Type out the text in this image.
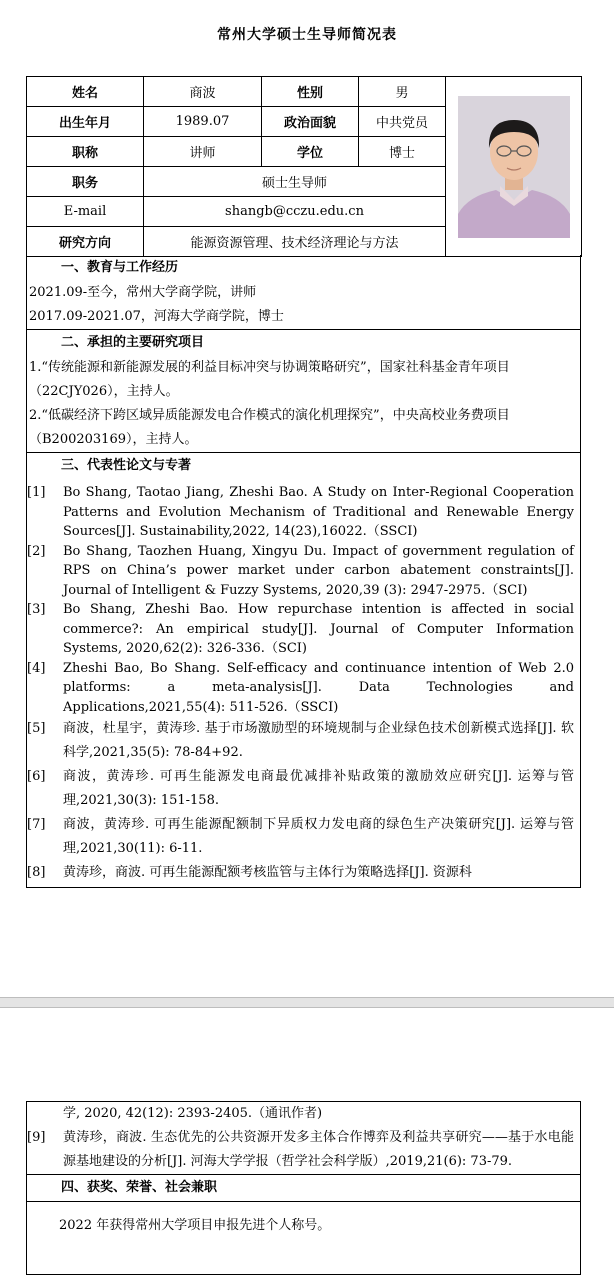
常州大学硕士生导师简况表
姓名	商波	性别	男	

出生年月	1989.07	政治面貌	中共党员	
职称	讲师	学位	博士	
职务	硕士生导师			
E-mail	shangb@cczu.edu.cn			
研究方向	能源资源管理、技术经济理论与方法			
一、教育与工作经历

2021.09-至今，常州大学商学院，讲师

2017.09-2021.07，河海大学商学院，博士

二、承担的主要研究项目

1.“传统能源和新能源发展的利益目标冲突与协调策略研究”，国家社科基金青年项目（22CJY026），主持人。

2.“低碳经济下跨区域异质能源发电合作模式的演化机理探究”，中央高校业务费项目（B200203169），主持人。

三、代表性论文与专著
[1]	Bo Shang, Taotao Jiang, Zheshi Bao. A Study on Inter-Regional Cooperation Patterns and Evolution Mechanism of Traditional and Renewable Energy Sources[J]. Sustainability,2022, 14(23),16022.（SSCI)
[2]	Bo Shang, Taozhen Huang, Xingyu Du. Impact of government regulation of RPS on China’s power market under carbon abatement constraints[J]. Journal of Intelligent & Fuzzy Systems, 2020,39 (3): 2947-2975.（SCI)
[3]	Bo Shang, Zheshi Bao. How repurchase intention is affected in social commerce?: An empirical study[J]. Journal of Computer Information Systems, 2020,62(2): 326-336.（SCI)
[4]	Zheshi Bao, Bo Shang. Self-efficacy and continuance intention of Web 2.0 platforms: a meta-analysis[J]. Data Technologies and Applications,2021,55(4): 511-526.（SSCI)
[5]	商波，杜星宇，黄涛珍. 基于市场激励型的环境规制与企业绿色技术创新模式选择[J]. 软科学,2021,35(5): 78-84+92.
[6]	商波，黄涛珍. 可再生能源发电商最优减排补贴政策的激励效应研究[J]. 运筹与管理,2021,30(3): 151-158.
[7]	商波，黄涛珍. 可再生能源配额制下异质权力发电商的绿色生产决策研究[J]. 运筹与管理,2021,30(11): 6-11.
[8]	黄涛珍，商波. 可再生能源配额考核监管与主体行为策略选择[J]. 资源科
学, 2020, 42(12): 2393-2405.（通讯作者)
[9]	黄涛珍，商波. 生态优先的公共资源开发多主体合作博弈及利益共享研究——基于水电能源基地建设的分析[J]. 河海大学学报（哲学社会科学版）,2019,21(6): 73-79.
四、获奖、荣誉、社会兼职

2022 年获得常州大学项目申报先进个人称号。
